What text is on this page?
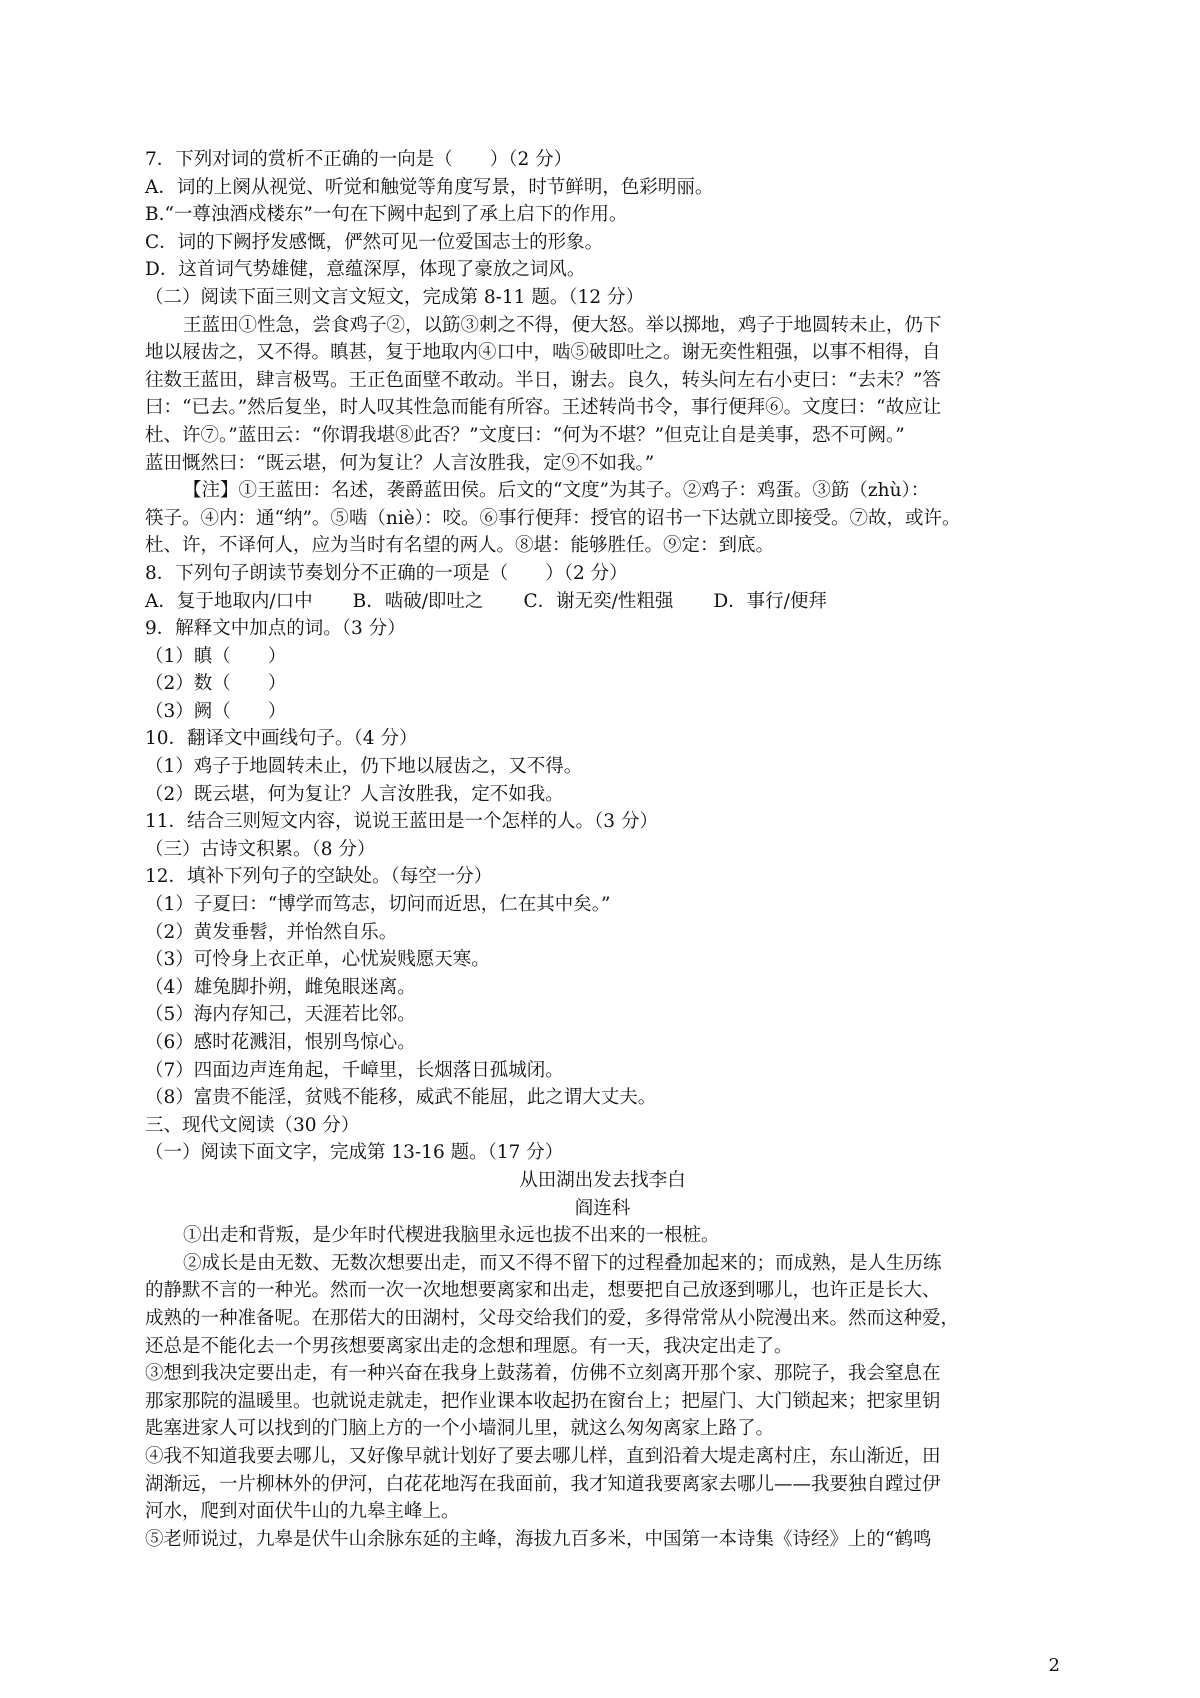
7．下列对词的赏析不正确的一向是（　　）（2 分）
A．词的上阕从视觉、听觉和触觉等角度写景，时节鲜明，色彩明丽。
B.“一尊浊酒戍楼东”一句在下阙中起到了承上启下的作用。
C．词的下阙抒发感慨，俨然可见一位爱国志士的形象。
D．这首词气势雄健，意蕴深厚，体现了豪放之词风。
（二）阅读下面三则文言文短文，完成第 8-11 题。（12 分）
王蓝田①性急，尝食鸡子②，以筯③刺之不得，便大怒。举以掷地，鸡子于地圆转未止，仍下
地以屐齿之，又不得。瞋甚，复于地取内④口中，啮⑤破即吐之。谢无奕性粗强，以事不相得，自
往数王蓝田，肆言极骂。王正色面壁不敢动。半日，谢去。良久，转头问左右小吏曰：“去未？”答
曰：“已去。”然后复坐，时人叹其性急而能有所容。王述转尚书令，事行便拜⑥。文度曰：“故应让
杜、许⑦。”蓝田云：“你谓我堪⑧此否？”文度曰：“何为不堪？”但克让自是美事，恐不可阙。”
蓝田慨然曰：“既云堪，何为复让？人言汝胜我，定⑨不如我。”
【注】①王蓝田：名述，袭爵蓝田侯。后文的“文度”为其子。②鸡子：鸡蛋。③筯（zhù）：
筷子。④内：通“纳”。⑤啮（niè）：咬。⑥事行便拜：授官的诏书一下达就立即接受。⑦故，或许。
杜、许，不译何人，应为当时有名望的两人。⑧堪：能够胜任。⑨定：到底。
8．下列句子朗读节奏划分不正确的一项是（　　）（2 分）
A．复于地取内/口中 B．啮破/即吐之 C．谢无奕/性粗强 D．事行/便拜
9．解释文中加点的词。（3 分）
（1）瞋（　　）
（2）数（　　）
（3）阙（　　）
10．翻译文中画线句子。（4 分）
（1）鸡子于地圆转未止，仍下地以屐齿之，又不得。
（2）既云堪，何为复让？人言汝胜我，定不如我。
11．结合三则短文内容，说说王蓝田是一个怎样的人。（3 分）
（三）古诗文积累。（8 分）
12．填补下列句子的空缺处。（每空一分）
（1）子夏曰：“博学而笃志，切问而近思，仁在其中矣。”
（2）黄发垂髫，并怡然自乐。
（3）可怜身上衣正单，心忧炭贱愿天寒。
（4）雄兔脚扑朔，雌兔眼迷离。
（5）海内存知己，天涯若比邻。
（6）感时花溅泪，恨别鸟惊心。
（7）四面边声连角起，千嶂里，长烟落日孤城闭。
（8）富贵不能淫，贫贱不能移，威武不能屈，此之谓大丈夫。
三、现代文阅读（30 分）
（一）阅读下面文字，完成第 13-16 题。（17 分）
从田湖出发去找李白
阎连科
①出走和背叛，是少年时代楔进我脑里永远也拔不出来的一根桩。
②成长是由无数、无数次想要出走，而又不得不留下的过程叠加起来的；而成熟，是人生历练
的静默不言的一种光。然而一次一次地想要离家和出走，想要把自己放逐到哪儿，也许正是长大、
成熟的一种准备呢。在那偌大的田湖村，父母交给我们的爱，多得常常从小院漫出来。然而这种爱，
还总是不能化去一个男孩想要离家出走的念想和理愿。有一天，我决定出走了。
③想到我决定要出走，有一种兴奋在我身上鼓荡着，仿佛不立刻离开那个家、那院子，我会窒息在
那家那院的温暖里。也就说走就走，把作业课本收起扔在窗台上；把屋门、大门锁起来；把家里钥
匙塞进家人可以找到的门脑上方的一个小墙洞儿里，就这么匆匆离家上路了。
④我不知道我要去哪儿，又好像早就计划好了要去哪儿样，直到沿着大堤走离村庄，东山渐近，田
湖渐远，一片柳林外的伊河，白花花地泻在我面前，我才知道我要离家去哪儿——我要独自蹚过伊
河水，爬到对面伏牛山的九皋主峰上。
⑤老师说过，九皋是伏牛山余脉东延的主峰，海拔九百多米，中国第一本诗集《诗经》上的“鹤鸣
2
